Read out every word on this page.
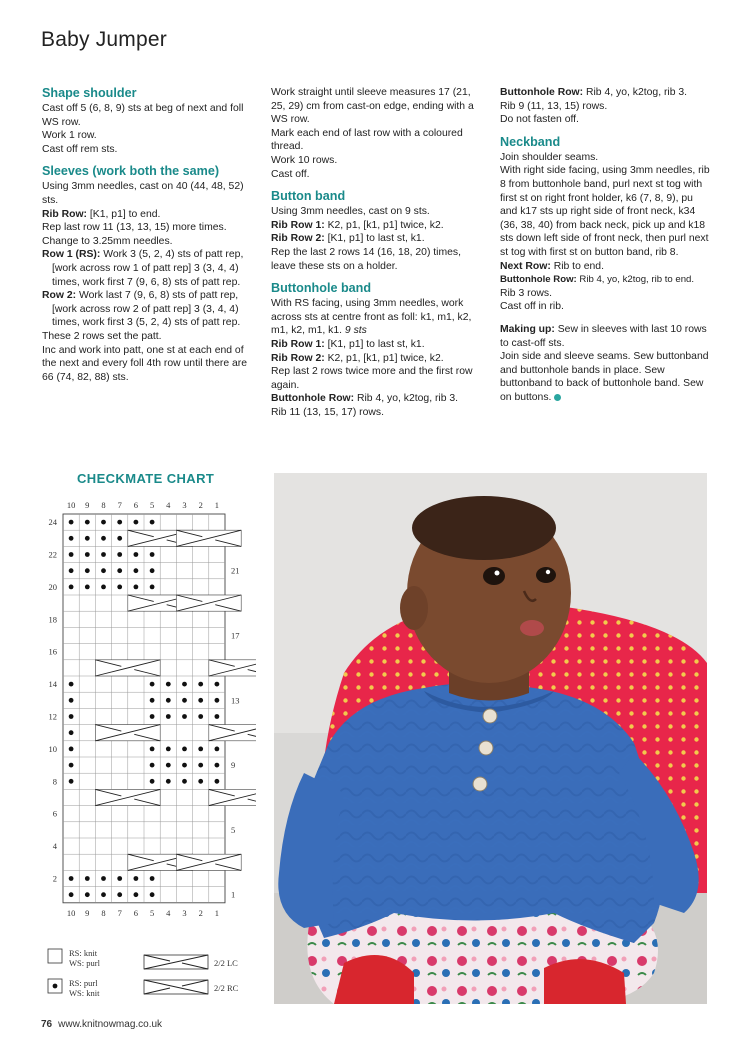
Baby Jumper
Shape shoulder

Cast off 5 (6, 8, 9) sts at beg of next and foll WS row.

Work 1 row.

Cast off rem sts.

Sleeves (work both the same)

Using 3mm needles, cast on 40 (44, 48, 52) sts.

Rib Row: [K1, p1] to end.

Rep last row 11 (13, 13, 15) more times.

Change to 3.25mm needles.

Row 1 (RS): Work 3 (5, 2, 4) sts of patt rep, [work across row 1 of patt rep] 3 (3, 4, 4) times, work first 7 (9, 6, 8) sts of patt rep.

Row 2: Work last 7 (9, 6, 8) sts of patt rep, [work across row 2 of patt rep] 3 (3, 4, 4) times, work first 3 (5, 2, 4) sts of patt rep.

These 2 rows set the patt.

Inc and work into patt, one st at each end of the next and every foll 4th row until there are 66 (74, 82, 88) sts.

Work straight until sleeve measures 17 (21, 25, 29) cm from cast-on edge, ending with a WS row.

Mark each end of last row with a coloured thread.

Work 10 rows.

Cast off.

Button band

Using 3mm needles, cast on 9 sts.

Rib Row 1: K2, p1, [k1, p1] twice, k2.

Rib Row 2: [K1, p1] to last st, k1.

Rep the last 2 rows 14 (16, 18, 20) times, leave these sts on a holder.

Buttonhole band

With RS facing, using 3mm needles, work across sts at centre front as foll: k1, m1, k2, m1, k2, m1, k1. 9 sts

Rib Row 1: [K1, p1] to last st, k1.

Rib Row 2: K2, p1, [k1, p1] twice, k2.

Rep last 2 rows twice more and the first row again.

Buttonhole Row: Rib 4, yo, k2tog, rib 3.

Rib 11 (13, 15, 17) rows.

Buttonhole Row: Rib 4, yo, k2tog, rib 3.

Rib 9 (11, 13, 15) rows.

Do not fasten off.

Neckband

Join shoulder seams.

With right side facing, using 3mm needles, rib 8 from buttonhole band, purl next st tog with first st on right front holder, k6 (7, 8, 9), pu and k17 sts up right side of front neck, k34 (36, 38, 40) from back neck, pick up and k18 sts down left side of front neck, then purl next st tog with first st on button band, rib 8.

Next Row: Rib to end.

Buttonhole Row: Rib 4, yo, k2tog, rib to end.

Rib 3 rows.

Cast off in rib.

Making up: Sew in sleeves with last 10 rows to cast-off sts.

Join side and sleeve seams. Sew buttonband and buttonhole bands in place. Sew buttonband to back of buttonhole band. Sew on buttons.

CHECKMATE CHART
10
10
9
9
8
8
7
7
6
6
5
5
4
4
3
3
2
2
1
1
24
22
20
18
16
14
12
10
8
6
4
2
21
17
13
9
5
1
RS: knit
WS: purl
RS: purl
WS: knit
2/2 LC
2/2 RC
76 www.knitnowmag.co.uk
